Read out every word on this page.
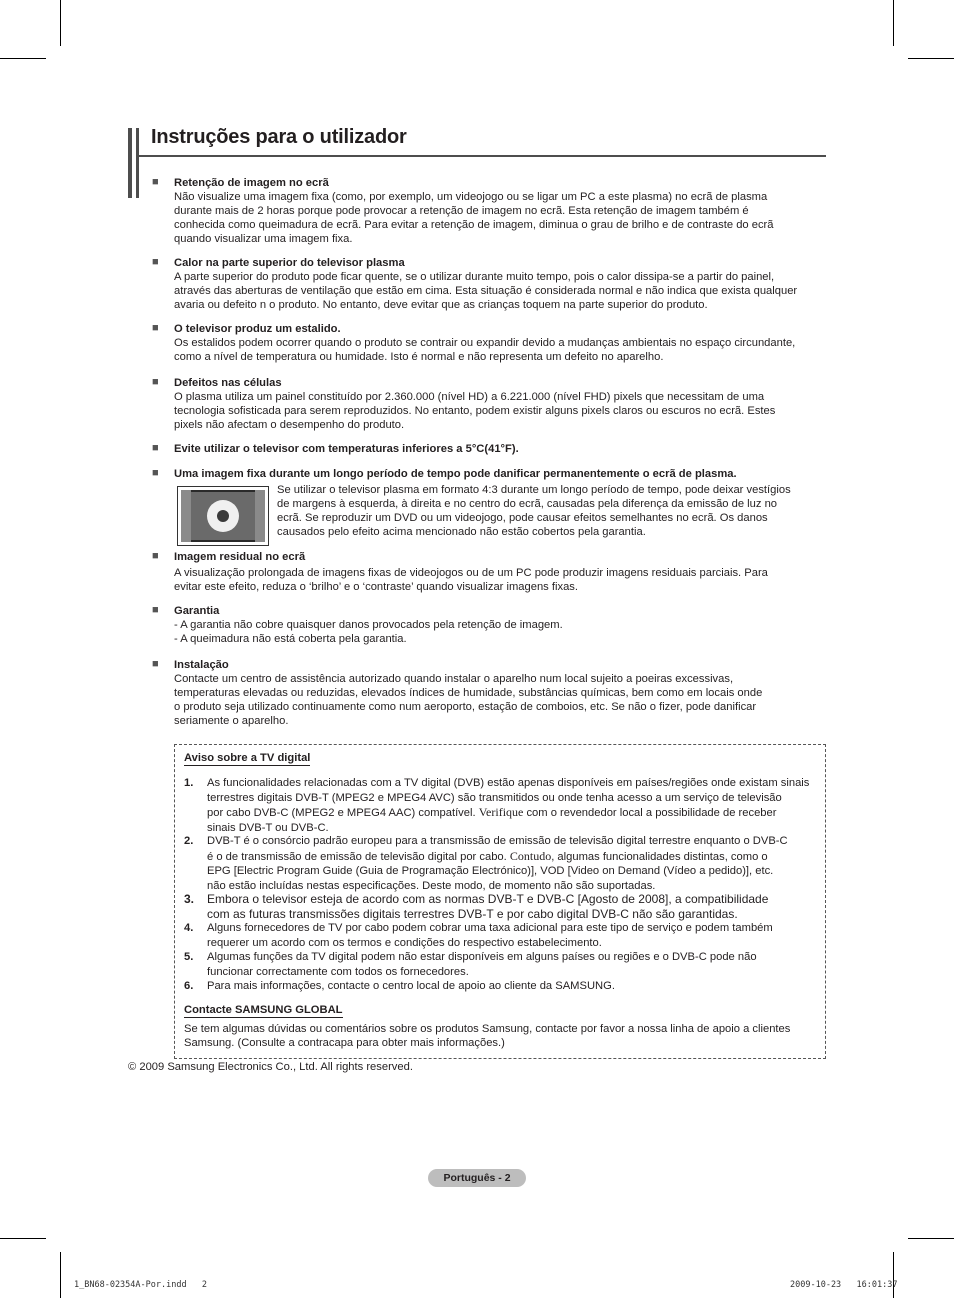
Instruções para o utilizador
■ Retenção de imagem no ecrã
Não visualize uma imagem fixa (como, por exemplo, um videojogo ou se ligar um PC a este plasma) no ecrã de plasma
durante mais de 2 horas porque pode provocar a retenção de imagem no ecrã. Esta retenção de imagem também é
conhecida como queimadura de ecrã. Para evitar a retenção de imagem, diminua o grau de brilho e de contraste do ecrã
quando visualizar uma imagem fixa.
■ Calor na parte superior do televisor plasma
A parte superior do produto pode ficar quente, se o utilizar durante muito tempo, pois o calor dissipa-se a partir do painel,
através das aberturas de ventilação que estão em cima. Esta situação é considerada normal e não indica que exista qualquer
avaria ou defeito n o produto. No entanto, deve evitar que as crianças toquem na parte superior do produto.
■ O televisor produz um estalido.
Os estalidos podem ocorrer quando o produto se contrair ou expandir devido a mudanças ambientais no espaço circundante,
como a nível de temperatura ou humidade. Isto é normal e não representa um defeito no aparelho.
■ Defeitos nas células
O plasma utiliza um painel constituído por 2.360.000 (nível HD) a 6.221.000 (nível FHD) pixels que necessitam de uma
tecnologia sofisticada para serem reproduzidos. No entanto, podem existir alguns pixels claros ou escuros no ecrã. Estes
pixels não afectam o desempenho do produto.
■ Evite utilizar o televisor com temperaturas inferiores a 5°C(41°F).
■ Uma imagem fixa durante um longo período de tempo pode danificar permanentemente o ecrã de plasma.
Se utilizar o televisor plasma em formato 4:3 durante um longo período de tempo, pode deixar vestígios
de margens à esquerda, à direita e no centro do ecrã, causadas pela diferença da emissão de luz no
ecrã. Se reproduzir um DVD ou um videojogo, pode causar efeitos semelhantes no ecrã. Os danos
causados pelo efeito acima mencionado não estão cobertos pela garantia.
■ Imagem residual no ecrã
A visualização prolongada de imagens fixas de videojogos ou de um PC pode produzir imagens residuais parciais. Para
evitar este efeito, reduza o ‘brilho’ e o ‘contraste’ quando visualizar imagens fixas.
■ Garantia
- A garantia não cobre quaisquer danos provocados pela retenção de imagem.
- A queimadura não está coberta pela garantia.
■ Instalação
Contacte um centro de assistência autorizado quando instalar o aparelho num local sujeito a poeiras excessivas,
temperaturas elevadas ou reduzidas, elevados índices de humidade, substâncias químicas, bem como em locais onde
o produto seja utilizado continuamente como num aeroporto, estação de comboios, etc. Se não o fizer, pode danificar
seriamente o aparelho.
Aviso sobre a TV digital
1. As funcionalidades relacionadas com a TV digital (DVB) estão apenas disponíveis em países/regiões onde existam sinais
terrestres digitais DVB-T (MPEG2 e MPEG4 AVC) são transmitidos ou onde tenha acesso a um serviço de televisão
por cabo DVB-C (MPEG2 e MPEG4 AAC) compatível. Verifique com o revendedor local a possibilidade de receber
sinais DVB-T ou DVB-C.
2. DVB-T é o consórcio padrão europeu para a transmissão de emissão de televisão digital terrestre enquanto o DVB-C
é o de transmissão de emissão de televisão digital por cabo. Contudo, algumas funcionalidades distintas, como o
EPG [Electric Program Guide (Guia de Programação Electrónico)], VOD [Video on Demand (Vídeo a pedido)], etc.
não estão incluídas nestas especificações. Deste modo, de momento não são suportadas.
3. Embora o televisor esteja de acordo com as normas DVB-T e DVB-C [Agosto de 2008], a compatibilidade
com as futuras transmissões digitais terrestres DVB-T e por cabo digital DVB-C não são garantidas.
4. Alguns fornecedores de TV por cabo podem cobrar uma taxa adicional para este tipo de serviço e podem também
requerer um acordo com os termos e condições do respectivo estabelecimento.
5. Algumas funções da TV digital podem não estar disponíveis em alguns países ou regiões e o DVB-C pode não
funcionar correctamente com todos os fornecedores.
6. Para mais informações, contacte o centro local de apoio ao cliente da SAMSUNG.
Contacte SAMSUNG GLOBAL
Se tem algumas dúvidas ou comentários sobre os produtos Samsung, contacte por favor a nossa linha de apoio a clientes
Samsung. (Consulte a contracapa para obter mais informações.)
© 2009 Samsung Electronics Co., Ltd. All rights reserved.
Português - 2
1_BN68-02354A-Por.indd   2	2009-10-23   16:01:37
